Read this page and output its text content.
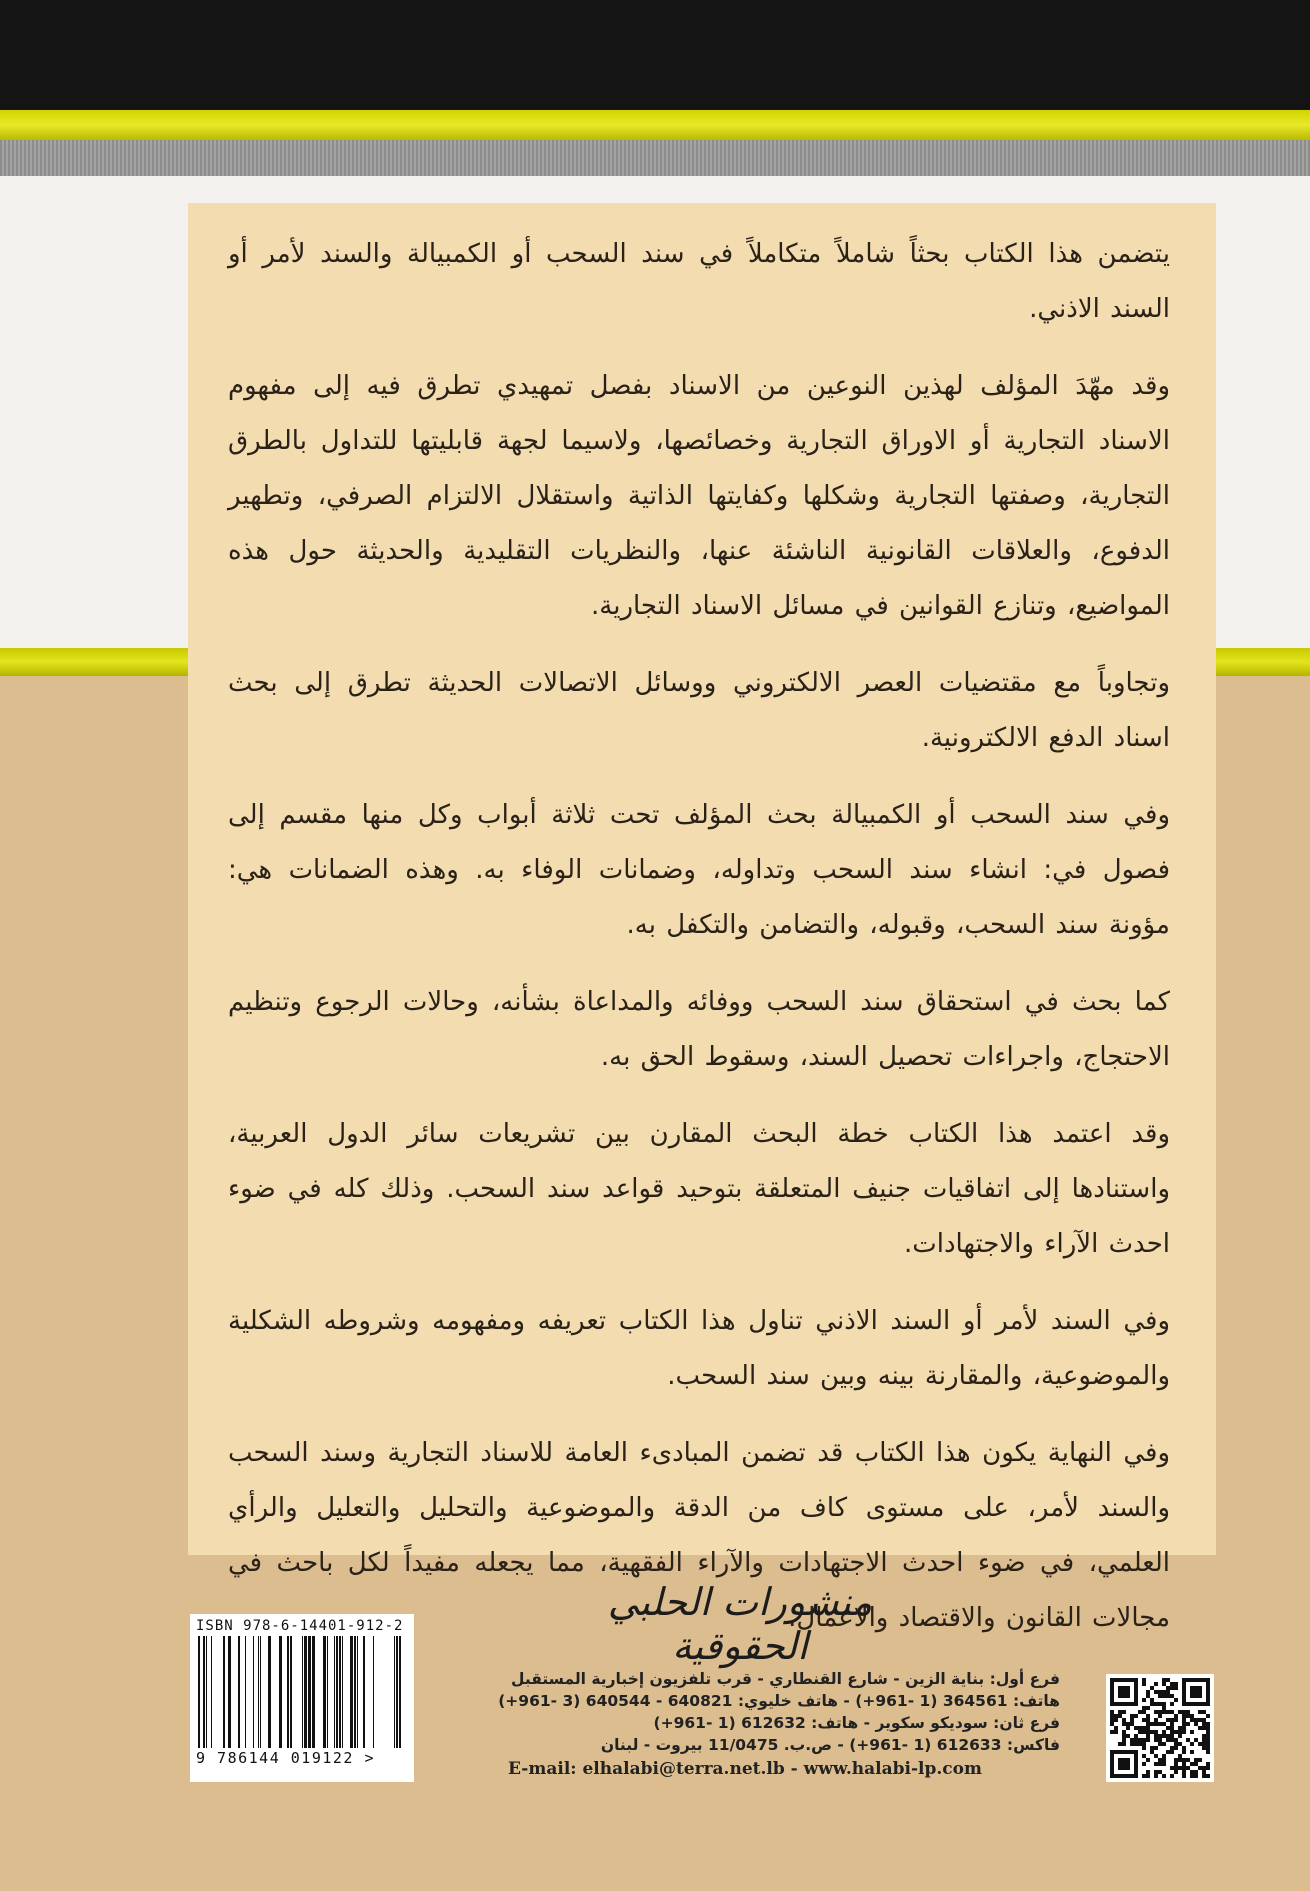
يتضمن هذا الكتاب بحثاً شاملاً متكاملاً في سند السحب أو الكمبيالة والسند لأمر أو السند الاذني.

وقد مهّدَ المؤلف لهذين النوعين من الاسناد بفصل تمهيدي تطرق فيه إلى مفهوم الاسناد التجارية أو الاوراق التجارية وخصائصها، ولاسيما لجهة قابليتها للتداول بالطرق التجارية، وصفتها التجارية وشكلها وكفايتها الذاتية واستقلال الالتزام الصرفي، وتطهير الدفوع، والعلاقات القانونية الناشئة عنها، والنظريات التقليدية والحديثة حول هذه المواضيع، وتنازع القوانين في مسائل الاسناد التجارية.

وتجاوباً مع مقتضيات العصر الالكتروني ووسائل الاتصالات الحديثة تطرق إلى بحث اسناد الدفع الالكترونية.

وفي سند السحب أو الكمبيالة بحث المؤلف تحت ثلاثة أبواب وكل منها مقسم إلى فصول في: انشاء سند السحب وتداوله، وضمانات الوفاء به. وهذه الضمانات هي: مؤونة سند السحب، وقبوله، والتضامن والتكفل به.

كما بحث في استحقاق سند السحب ووفائه والمداعاة بشأنه، وحالات الرجوع وتنظيم الاحتجاج، واجراءات تحصيل السند، وسقوط الحق به.

وقد اعتمد هذا الكتاب خطة البحث المقارن بين تشريعات سائر الدول العربية، واستنادها إلى اتفاقيات جنيف المتعلقة بتوحيد قواعد سند السحب. وذلك كله في ضوء احدث الآراء والاجتهادات.

وفي السند لأمر أو السند الاذني تناول هذا الكتاب تعريفه ومفهومه وشروطه الشكلية والموضوعية، والمقارنة بينه وبين سند السحب.

وفي النهاية يكون هذا الكتاب قد تضمن المبادىء العامة للاسناد التجارية وسند السحب والسند لأمر، على مستوى كاف من الدقة والموضوعية والتحليل والتعليل والرأي العلمي، في ضوء احدث الاجتهادات والآراء الفقهية، مما يجعله مفيداً لكل باحث في مجالات القانون والاقتصاد والاعمال.

منشورات الحلبي الحقوقية
فرع أول: بناية الزين - شارع القنطاري - قرب تلفزيون إخبارية المستقبل
هاتف: 364561 (1 -961+) - هاتف خليوي: 640821 - 640544 (3 -961+)
فرع ثان: سوديكو سكوير - هاتف: 612632 (1 -961+)
فاكس: 612633 (1 -961+) - ص.ب. 11/0475 بيروت - لبنان
E-mail: elhalabi@terra.net.lb - www.halabi-lp.com
ISBN 978-6-14401-912-2
9 786144 019122 >
